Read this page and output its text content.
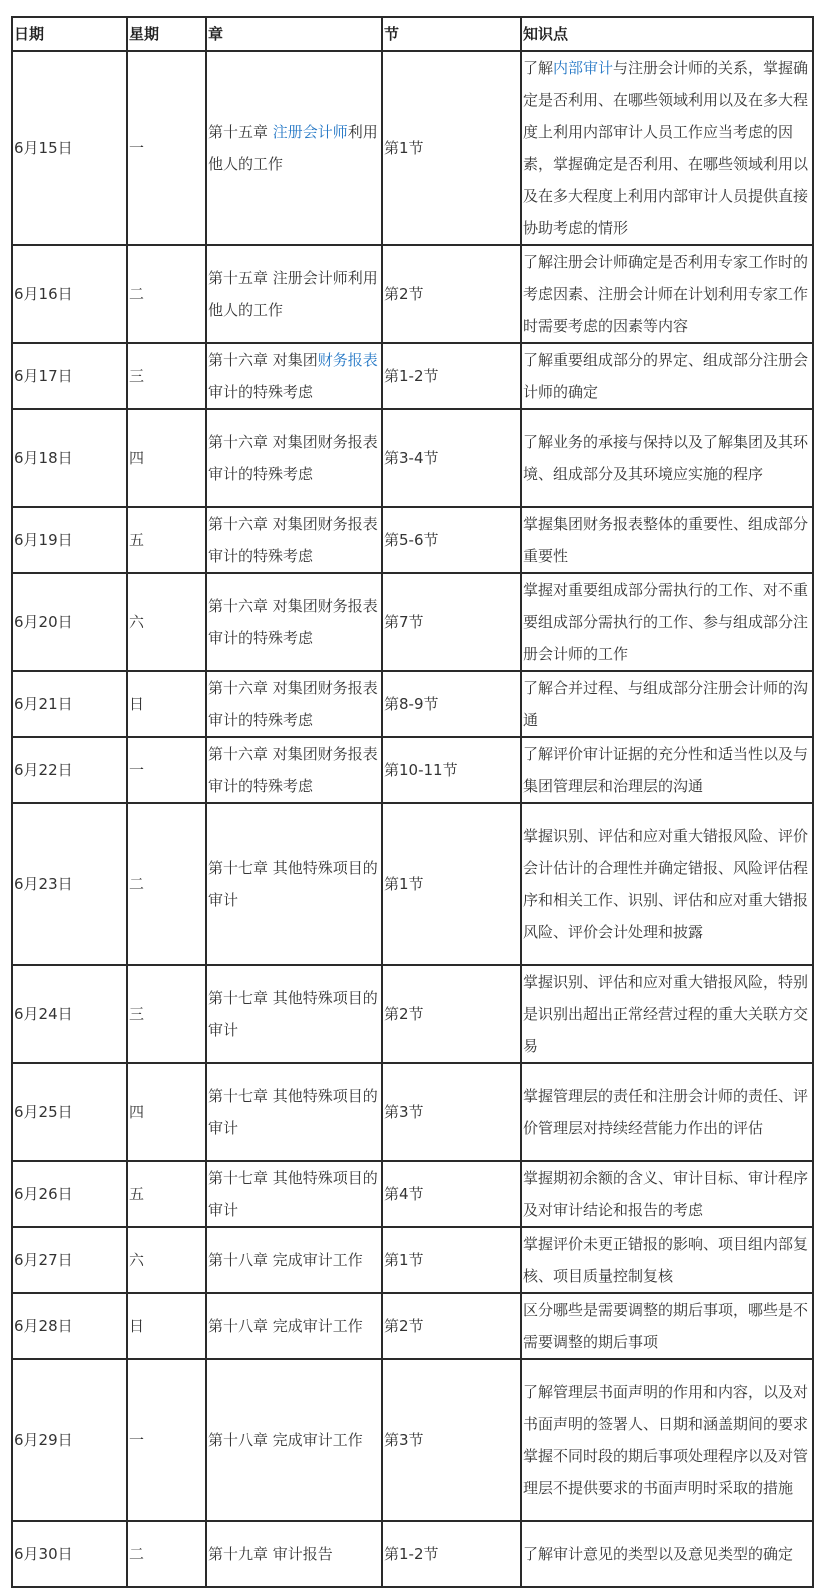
日期	星期	章	节	知识点
6月15日	一	第十五章 注册会计师利用他人的工作	第1节	了解内部审计与注册会计师的关系，掌握确定是否利用、在哪些领域利用以及在多大程度上利用内部审计人员工作应当考虑的因素，掌握确定是否利用、在哪些领域利用以及在多大程度上利用内部审计人员提供直接协助考虑的情形
6月16日	二	第十五章 注册会计师利用他人的工作	第2节	了解注册会计师确定是否利用专家工作时的考虑因素、注册会计师在计划利用专家工作时需要考虑的因素等内容
6月17日	三	第十六章 对集团财务报表审计的特殊考虑	第1-2节	了解重要组成部分的界定、组成部分注册会计师的确定
6月18日	四	第十六章 对集团财务报表审计的特殊考虑	第3-4节	了解业务的承接与保持以及了解集团及其环境、组成部分及其环境应实施的程序
6月19日	五	第十六章 对集团财务报表审计的特殊考虑	第5-6节	掌握集团财务报表整体的重要性、组成部分重要性
6月20日	六	第十六章 对集团财务报表审计的特殊考虑	第7节	掌握对重要组成部分需执行的工作、对不重要组成部分需执行的工作、参与组成部分注册会计师的工作
6月21日	日	第十六章 对集团财务报表审计的特殊考虑	第8-9节	了解合并过程、与组成部分注册会计师的沟通
6月22日	一	第十六章 对集团财务报表审计的特殊考虑	第10-11节	了解评价审计证据的充分性和适当性以及与集团管理层和治理层的沟通
6月23日	二	第十七章 其他特殊项目的审计	第1节	掌握识别、评估和应对重大错报风险、评价会计估计的合理性并确定错报、风险评估程序和相关工作、识别、评估和应对重大错报风险、评价会计处理和披露
6月24日	三	第十七章 其他特殊项目的审计	第2节	掌握识别、评估和应对重大错报风险，特别是识别出超出正常经营过程的重大关联方交易
6月25日	四	第十七章 其他特殊项目的审计	第3节	掌握管理层的责任和注册会计师的责任、评价管理层对持续经营能力作出的评估
6月26日	五	第十七章 其他特殊项目的审计	第4节	掌握期初余额的含义、审计目标、审计程序及对审计结论和报告的考虑
6月27日	六	第十八章 完成审计工作	第1节	掌握评价未更正错报的影响、项目组内部复核、项目质量控制复核
6月28日	日	第十八章 完成审计工作	第2节	区分哪些是需要调整的期后事项，哪些是不需要调整的期后事项
6月29日	一	第十八章 完成审计工作	第3节	了解管理层书面声明的作用和内容，以及对书面声明的签署人、日期和涵盖期间的要求掌握不同时段的期后事项处理程序以及对管理层不提供要求的书面声明时采取的措施
6月30日	二	第十九章 审计报告	第1-2节	了解审计意见的类型以及意见类型的确定
